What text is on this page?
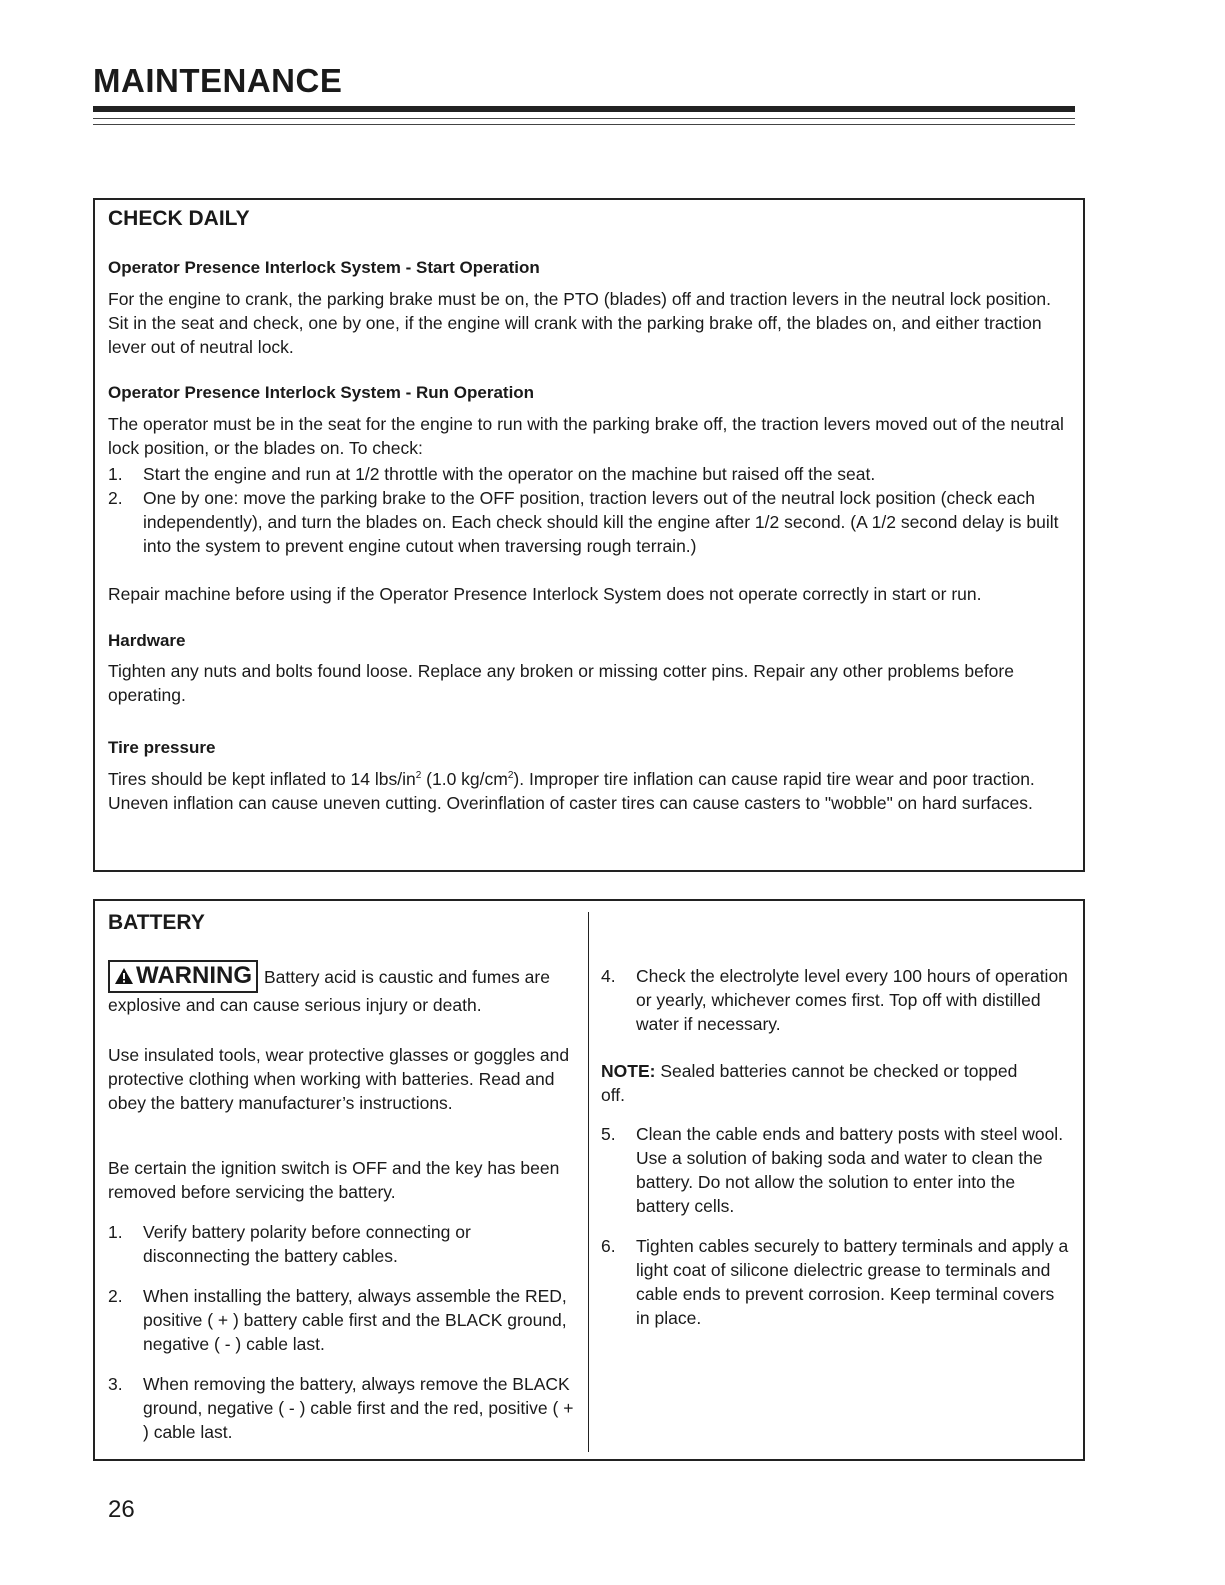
MAINTENANCE
CHECK DAILY
Operator Presence Interlock System - Start Operation

For the engine to crank, the parking brake must be on, the PTO (blades) off and traction levers in the neutral lock position. Sit in the seat and check, one by one, if the engine will crank with the parking brake off, the blades on, and either traction lever out of neutral lock.

Operator Presence Interlock System - Run Operation

The operator must be in the seat for the engine to run with the parking brake off, the traction levers moved out of the neutral lock position, or the blades on. To check:

1. Start the engine and run at 1/2 throttle with the operator on the machine but raised off the seat.
2. One by one: move the parking brake to the OFF position, traction levers out of the neutral lock position (check each independently), and turn the blades on. Each check should kill the engine after 1/2 second. (A 1/2 second delay is built into the system to prevent engine cutout when traversing rough terrain.)

Repair machine before using if the Operator Presence Interlock System does not operate correctly in start or run.

Hardware

Tighten any nuts and bolts found loose. Replace any broken or missing cotter pins. Repair any other problems before operating.

Tire pressure

Tires should be kept inflated to 14 lbs/$in^2$ (1.0 $kg/cm^2$). Improper tire inflation can cause rapid tire wear and poor traction. Uneven inflation can cause uneven cutting. Overinflation of caster tires can cause casters to "wobble" on hard surfaces.

BATTERY

WARNING Battery acid is caustic and fumes are explosive and can cause serious injury or death.

Use insulated tools, wear protective glasses or goggles and protective clothing when working with batteries. Read and obey the battery manufacturer’s instructions.

Be certain the ignition switch is OFF and the key has been removed before servicing the battery.

1. Verify battery polarity before connecting or disconnecting the battery cables.
2. When installing the battery, always assemble the RED, positive ( + ) battery cable first and the BLACK ground, negative ( - ) cable last.
3. When removing the battery, always remove the BLACK ground, negative ( - ) cable first and the red, positive ( + ) cable last.
4. Check the electrolyte level every 100 hours of operation or yearly, whichever comes first. Top off with distilled water if necessary.

NOTE: Sealed batteries cannot be checked or topped off.

5. Clean the cable ends and battery posts with steel wool. Use a solution of baking soda and water to clean the battery. Do not allow the solution to enter into the battery cells.
6. Tighten cables securely to battery terminals and apply a light coat of silicone dielectric grease to terminals and cable ends to prevent corrosion. Keep terminal covers in place.

26
